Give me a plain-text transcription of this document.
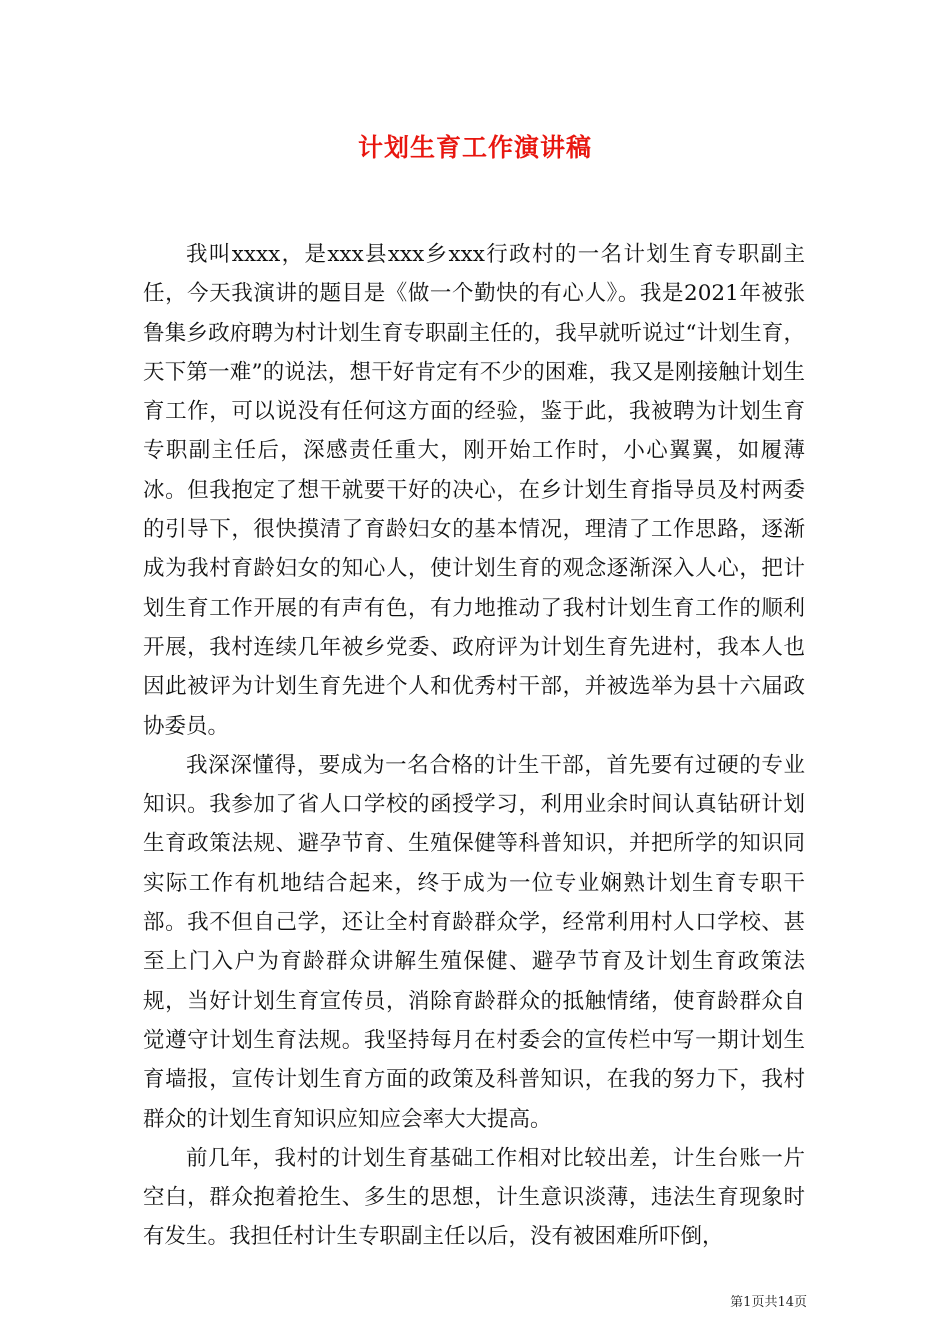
计划生育工作演讲稿

我叫xxxx，是xxx县xxx乡xxx行政村的一名计划生育专职副主任，今天我演讲的题目是《做一个勤快的有心人》。我是2021年被张鲁集乡政府聘为村计划生育专职副主任的，我早就听说过“计划生育，天下第一难”的说法，想干好肯定有不少的困难，我又是刚接触计划生育工作，可以说没有任何这方面的经验，鉴于此，我被聘为计划生育专职副主任后，深感责任重大，刚开始工作时，小心翼翼，如履薄冰。但我抱定了想干就要干好的决心，在乡计划生育指导员及村两委的引导下，很快摸清了育龄妇女的基本情况，理清了工作思路，逐渐成为我村育龄妇女的知心人，使计划生育的观念逐渐深入人心，把计划生育工作开展的有声有色，有力地推动了我村计划生育工作的顺利开展，我村连续几年被乡党委、政府评为计划生育先进村，我本人也因此被评为计划生育先进个人和优秀村干部，并被选举为县十六届政协委员。

我深深懂得，要成为一名合格的计生干部，首先要有过硬的专业知识。我参加了省人口学校的函授学习，利用业余时间认真钻研计划生育政策法规、避孕节育、生殖保健等科普知识，并把所学的知识同实际工作有机地结合起来，终于成为一位专业娴熟计划生育专职干部。我不但自己学，还让全村育龄群众学，经常利用村人口学校、甚至上门入户为育龄群众讲解生殖保健、避孕节育及计划生育政策法规，当好计划生育宣传员，消除育龄群众的抵触情绪，使育龄群众自觉遵守计划生育法规。我坚持每月在村委会的宣传栏中写一期计划生育墙报，宣传计划生育方面的政策及科普知识，在我的努力下，我村群众的计划生育知识应知应会率大大提高。

前几年，我村的计划生育基础工作相对比较出差，计生台账一片空白，群众抱着抢生、多生的思想，计生意识淡薄，违法生育现象时有发生。我担任村计生专职副主任以后，没有被困难所吓倒，

第1页共14页
